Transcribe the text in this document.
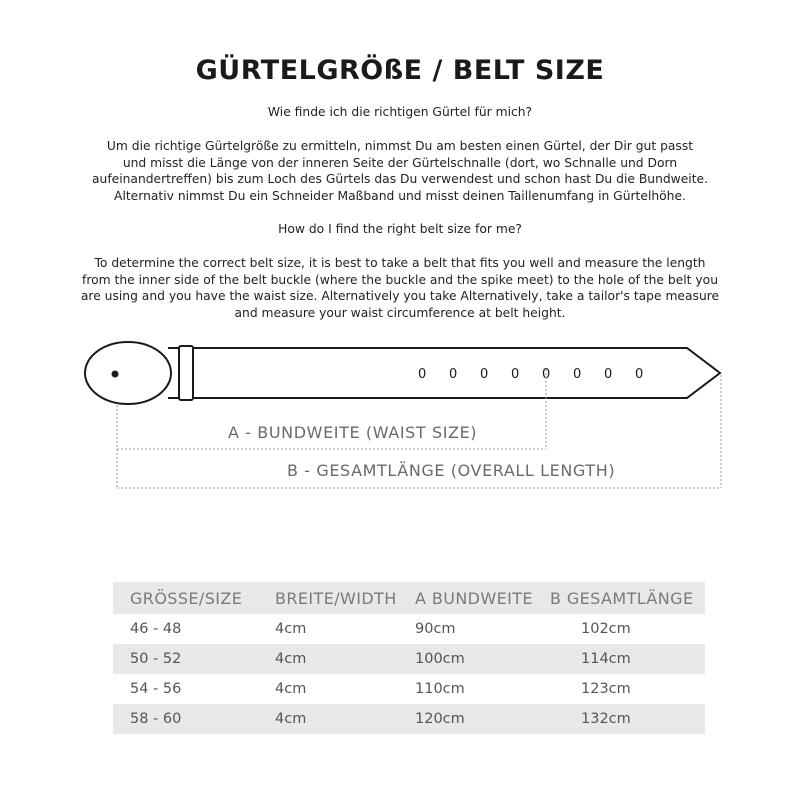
GÜRTELGRÖßE / BELT SIZE
Wie finde ich die richtigen Gürtel für mich?
Um die richtige Gürtelgröße zu ermitteln, nimmst Du am besten einen Gürtel, der Dir gut passt
und misst die Länge von der inneren Seite der Gürtelschnalle (dort, wo Schnalle und Dorn
aufeinandertreffen) bis zum Loch des Gürtels das Du verwendest und schon hast Du die Bundweite.
Alternativ nimmst Du ein Schneider Maßband und misst deinen Taillenumfang in Gürtelhöhe.
How do I find the right belt size for me?
To determine the correct belt size, it is best to take a belt that fits you well and measure the length
from the inner side of the belt buckle (where the buckle and the spike meet) to the hole of the belt you
are using and you have the waist size. Alternatively you take Alternatively, take a tailor's tape measure
and measure your waist circumference at belt height.
0 0 0 0 0 0 0 0
A - BUNDWEITE (WAIST SIZE)
B - GESAMTLÄNGE (OVERALL LENGTH)
GRÖSSE/SIZE	BREITE/WIDTH	A BUNDWEITE	B GESAMTLÄNGE
46 - 48	4cm	90cm	102cm
50 - 52	4cm	100cm	114cm
54 - 56	4cm	110cm	123cm
58 - 60	4cm	120cm	132cm
